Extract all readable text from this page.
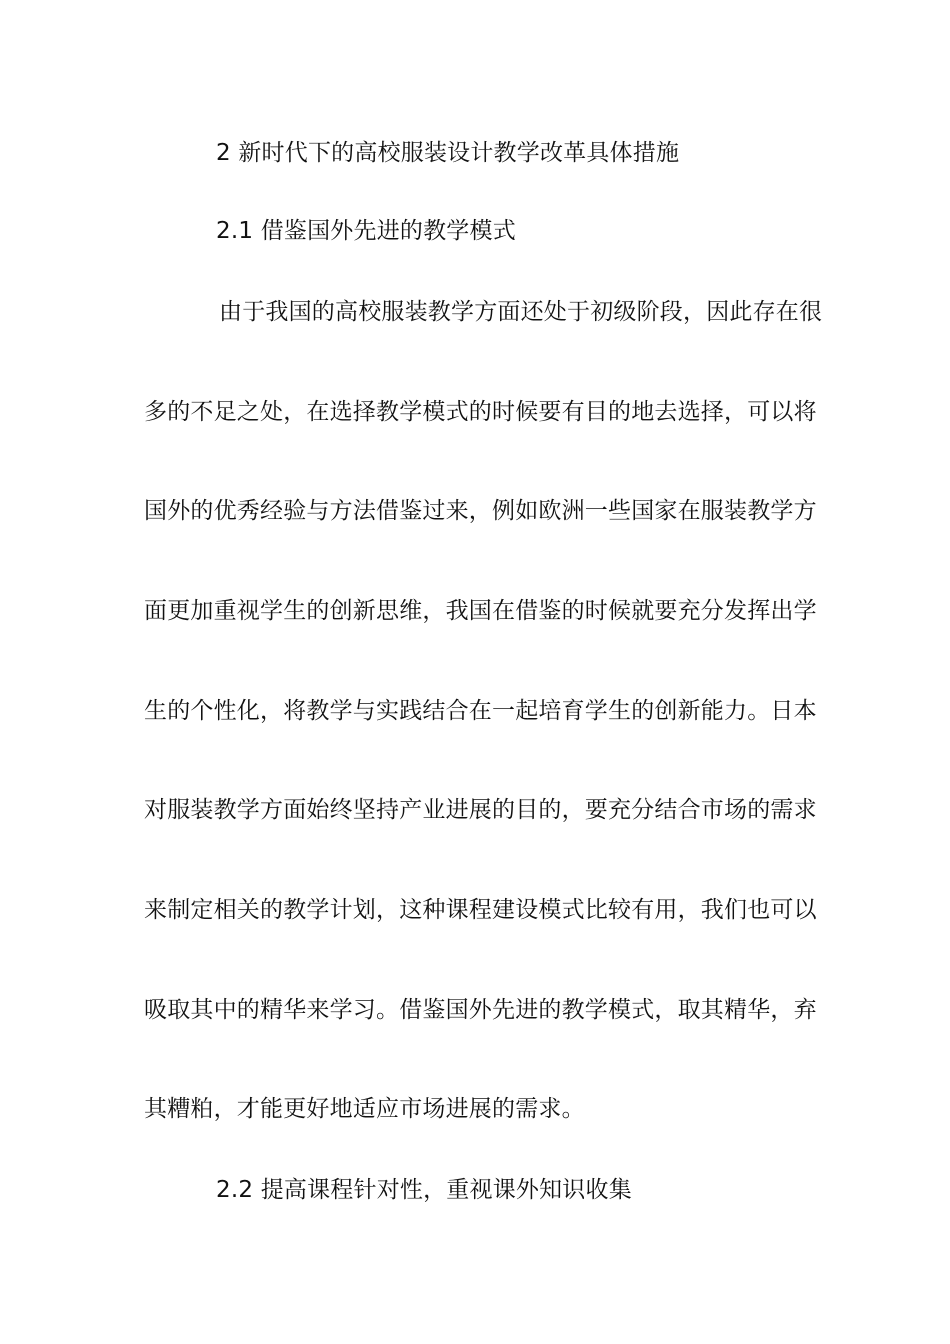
2 新时代下的高校服装设计教学改革具体措施
2.1 借鉴国外先进的教学模式
由于我国的高校服装教学方面还处于初级阶段，因此存在很
多的不足之处，在选择教学模式的时候要有目的地去选择，可以将
国外的优秀经验与方法借鉴过来，例如欧洲一些国家在服装教学方
面更加重视学生的创新思维，我国在借鉴的时候就要充分发挥出学
生的个性化，将教学与实践结合在一起培育学生的创新能力。日本
对服装教学方面始终坚持产业进展的目的，要充分结合市场的需求
来制定相关的教学计划，这种课程建设模式比较有用，我们也可以
吸取其中的精华来学习。借鉴国外先进的教学模式，取其精华，弃
其糟粕，才能更好地适应市场进展的需求。
2.2 提高课程针对性，重视课外知识收集
